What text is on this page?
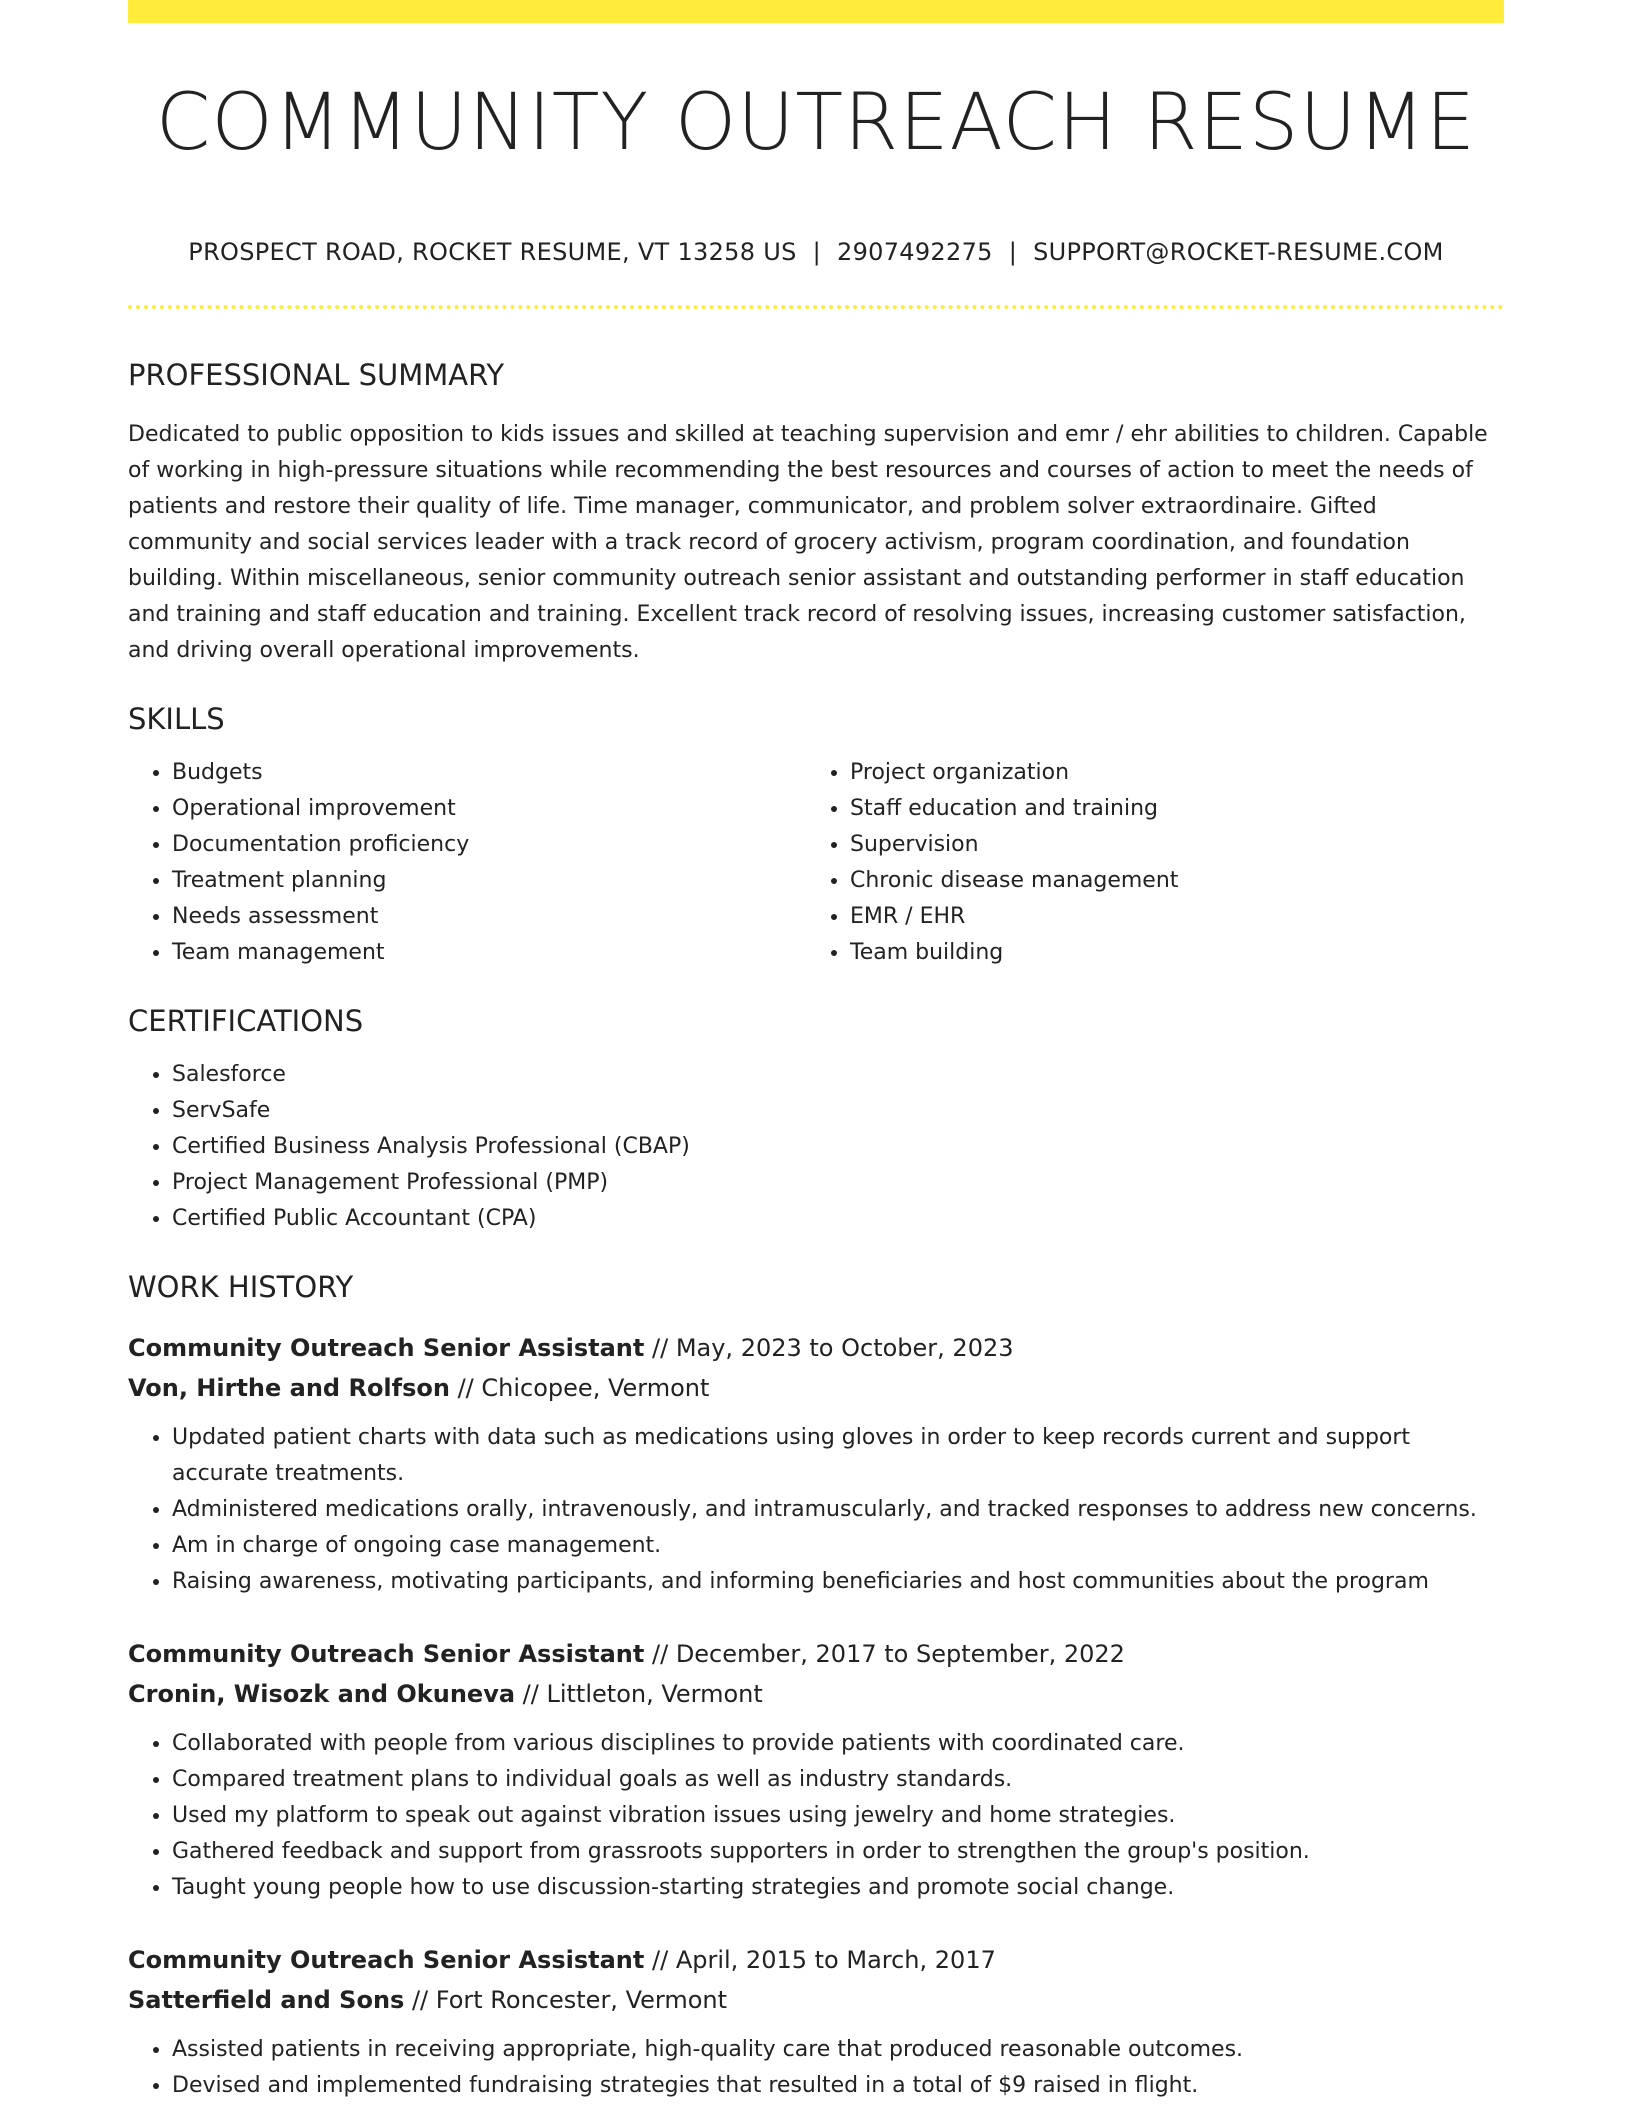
COMMUNITY OUTREACH RESUME
PROSPECT ROAD, ROCKET RESUME, VT 13258 US | 2907492275 | SUPPORT@ROCKET-RESUME.COM
PROFESSIONAL SUMMARY
Dedicated to public opposition to kids issues and skilled at teaching supervision and emr / ehr abilities to children. Capable of working in high-pressure situations while recommending the best resources and courses of action to meet the needs of patients and restore their quality of life. Time manager, communicator, and problem solver extraordinaire. Gifted community and social services leader with a track record of grocery activism, program coordination, and foundation building. Within miscellaneous, senior community outreach senior assistant and outstanding performer in staff education and training and staff education and training. Excellent track record of resolving issues, increasing customer satisfaction, and driving overall operational improvements.
SKILLS
• Budgets
• Operational improvement
• Documentation proficiency
• Treatment planning
• Needs assessment
• Team management
• Project organization
• Staff education and training
• Supervision
• Chronic disease management
• EMR / EHR
• Team building
CERTIFICATIONS
• Salesforce
• ServSafe
• Certified Business Analysis Professional (CBAP)
• Project Management Professional (PMP)
• Certified Public Accountant (CPA)
WORK HISTORY
Community Outreach Senior Assistant // May, 2023 to October, 2023
Von, Hirthe and Rolfson // Chicopee, Vermont
• Updated patient charts with data such as medications using gloves in order to keep records current and support accurate treatments.
• Administered medications orally, intravenously, and intramuscularly, and tracked responses to address new concerns.
• Am in charge of ongoing case management.
• Raising awareness, motivating participants, and informing beneficiaries and host communities about the program
Community Outreach Senior Assistant // December, 2017 to September, 2022
Cronin, Wisozk and Okuneva // Littleton, Vermont
• Collaborated with people from various disciplines to provide patients with coordinated care.
• Compared treatment plans to individual goals as well as industry standards.
• Used my platform to speak out against vibration issues using jewelry and home strategies.
• Gathered feedback and support from grassroots supporters in order to strengthen the group's position.
• Taught young people how to use discussion-starting strategies and promote social change.
Community Outreach Senior Assistant // April, 2015 to March, 2017
Satterfield and Sons // Fort Roncester, Vermont
• Assisted patients in receiving appropriate, high-quality care that produced reasonable outcomes.
• Devised and implemented fundraising strategies that resulted in a total of $9 raised in flight.
